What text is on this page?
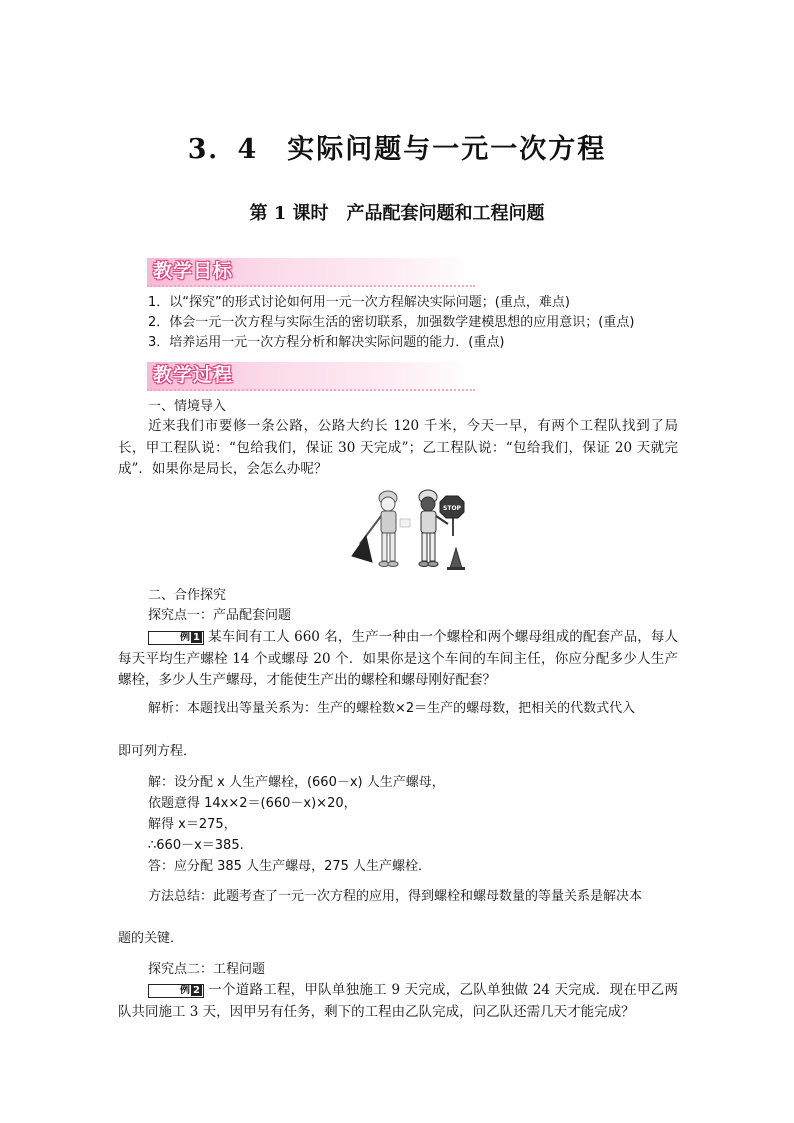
3．4　实际问题与一元一次方程
第 1 课时　产品配套问题和工程问题
教学目标
1．以“探究”的形式讨论如何用一元一次方程解决实际问题；(重点，难点)
2．体会一元一次方程与实际生活的密切联系，加强数学建模思想的应用意识；(重点)
3．培养运用一元一次方程分析和解决实际问题的能力．(重点)
教学过程
一、情境导入
近来我们市要修一条公路，公路大约长 120 千米，今天一早，有两个工程队找到了局长，甲工程队说：“包给我们，保证 30 天完成”；乙工程队说：“包给我们，保证 20 天就完成”．如果你是局长，会怎么办呢？
STOP
二、合作探究
探究点一：产品配套问题
例 1 某车间有工人 660 名，生产一种由一个螺栓和两个螺母组成的配套产品，每人每天平均生产螺栓 14 个或螺母 20 个．如果你是这个车间的车间主任，你应分配多少人生产螺栓，多少人生产螺母，才能使生产出的螺栓和螺母刚好配套？
解析：本题找出等量关系为：生产的螺栓数×2＝生产的螺母数，把相关的代数式代入
即可列方程．
解：设分配 x 人生产螺栓，(660－x) 人生产螺母，
依题意得 14x×2＝(660－x)×20，
解得 x＝275，
∴660－x＝385.
答：应分配 385 人生产螺母，275 人生产螺栓．
方法总结：此题考查了一元一次方程的应用，得到螺栓和螺母数量的等量关系是解决本
题的关键．
探究点二：工程问题
例 2 一个道路工程，甲队单独施工 9 天完成，乙队单独做 24 天完成．现在甲乙两队共同施工 3 天，因甲另有任务，剩下的工程由乙队完成，问乙队还需几天才能完成？
